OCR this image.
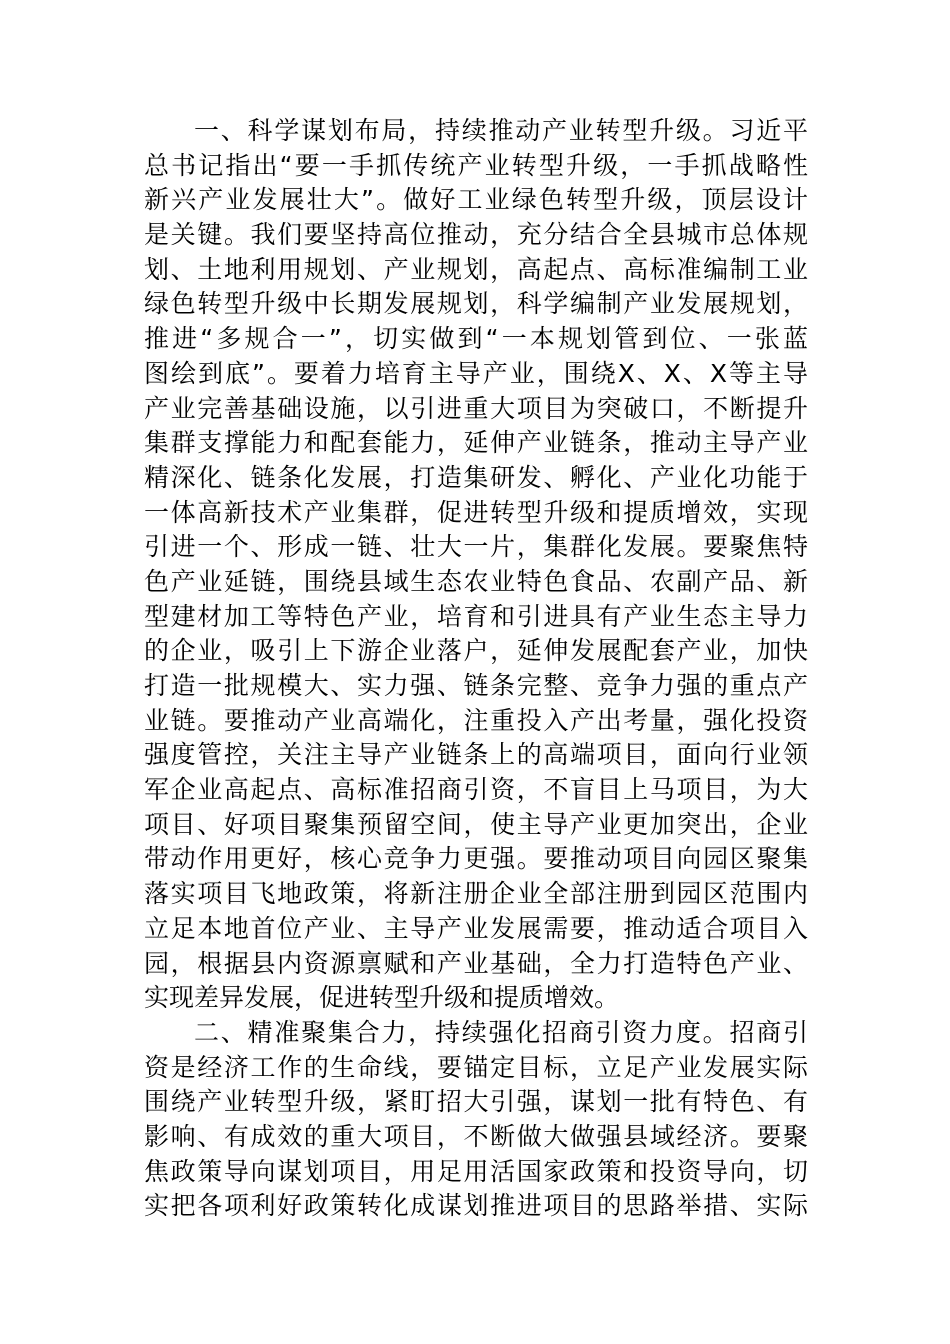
一、科学谋划布局，持续推动产业转型升级。习近平
总书记指出“要一手抓传统产业转型升级，一手抓战略性
新兴产业发展壮大”。做好工业绿色转型升级，顶层设计
是关键。我们要坚持高位推动，充分结合全县城市总体规
划、土地利用规划、产业规划，高起点、高标准编制工业
绿色转型升级中长期发展规划，科学编制产业发展规划，
推进“多规合一”，切实做到“一本规划管到位、一张蓝
图绘到底”。要着力培育主导产业，围绕X、X、X等主导
产业完善基础设施，以引进重大项目为突破口，不断提升
集群支撑能力和配套能力，延伸产业链条，推动主导产业
精深化、链条化发展，打造集研发、孵化、产业化功能于
一体高新技术产业集群，促进转型升级和提质增效，实现
引进一个、形成一链、壮大一片，集群化发展。要聚焦特
色产业延链，围绕县域生态农业特色食品、农副产品、新
型建材加工等特色产业，培育和引进具有产业生态主导力
的企业，吸引上下游企业落户，延伸发展配套产业，加快
打造一批规模大、实力强、链条完整、竞争力强的重点产
业链。要推动产业高端化，注重投入产出考量，强化投资
强度管控，关注主导产业链条上的高端项目，面向行业领
军企业高起点、高标准招商引资，不盲目上马项目，为大
项目、好项目聚集预留空间，使主导产业更加突出，企业
带动作用更好，核心竞争力更强。要推动项目向园区聚集
落实项目飞地政策，将新注册企业全部注册到园区范围内
立足本地首位产业、主导产业发展需要，推动适合项目入
园，根据县内资源禀赋和产业基础，全力打造特色产业、
实现差异发展，促进转型升级和提质增效。
二、精准聚集合力，持续强化招商引资力度。招商引
资是经济工作的生命线，要锚定目标，立足产业发展实际
围绕产业转型升级，紧盯招大引强，谋划一批有特色、有
影响、有成效的重大项目，不断做大做强县域经济。要聚
焦政策导向谋划项目，用足用活国家政策和投资导向，切
实把各项利好政策转化成谋划推进项目的思路举措、实际
